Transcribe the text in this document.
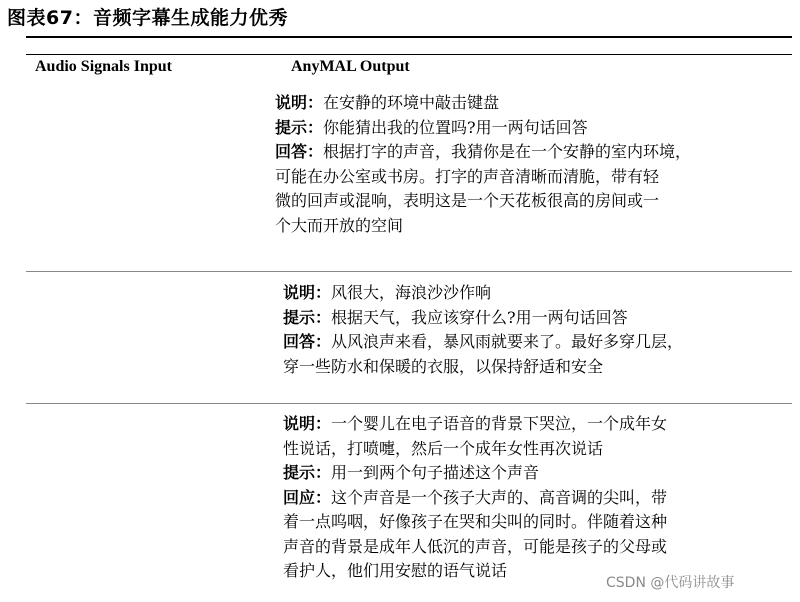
图表67：音频字幕生成能力优秀
Audio Signals Input	AnyMAL Output
说明：在安静的环境中敲击键盘
提示：你能猜出我的位置吗?用一两句话回答
回答：根据打字的声音，我猜你是在一个安静的室内环境，
可能在办公室或书房。打字的声音清晰而清脆，带有轻
微的回声或混响，表明这是一个天花板很高的房间或一
个大而开放的空间
说明：风很大，海浪沙沙作响
提示：根据天气，我应该穿什么?用一两句话回答
回答：从风浪声来看，暴风雨就要来了。最好多穿几层，
穿一些防水和保暖的衣服，以保持舒适和安全
说明：一个婴儿在电子语音的背景下哭泣，一个成年女
性说话，打喷嚏，然后一个成年女性再次说话
提示：用一到两个句子描述这个声音
回应：这个声音是一个孩子大声的、高音调的尖叫，带
着一点呜咽，好像孩子在哭和尖叫的同时。伴随着这种
声音的背景是成年人低沉的声音，可能是孩子的父母或
看护人，他们用安慰的语气说话
CSDN @代码讲故事
